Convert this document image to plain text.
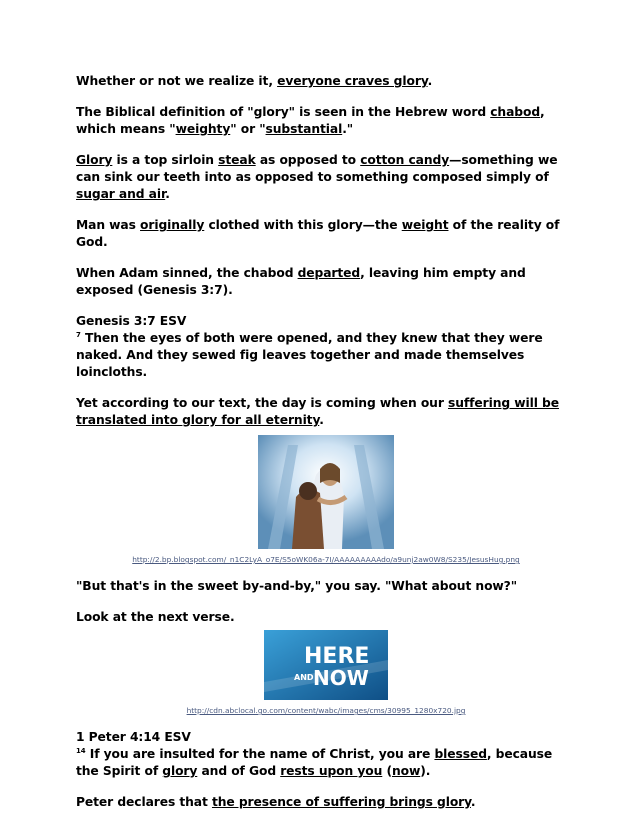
Whether or not we realize it, everyone craves glory.

The Biblical definition of "glory" is seen in the Hebrew word chabod, which means "weighty" or "substantial."

Glory is a top sirloin steak as opposed to cotton candy—something we can sink our teeth into as opposed to something composed simply of sugar and air.

Man was originally clothed with this glory—the weight of the reality of God.

When Adam sinned, the chabod departed, leaving him empty and exposed (Genesis 3:7).

Genesis 3:7 ESV

$^7$ Then the eyes of both were opened, and they knew that they were naked. And they sewed fig leaves together and made themselves loincloths.

Yet according to our text, the day is coming when our suffering will be translated into glory for all eternity.

http://2.bp.blogspot.com/_n1C2LyA_o7E/S5oWK06a-7I/AAAAAAAAAdo/a9unj2aw0W8/S235/JesusHug.png

"But that's in the sweet by-and-by," you say. "What about now?"

Look at the next verse.

HERE
AND NOW
http://cdn.abclocal.go.com/content/wabc/images/cms/30995_1280x720.jpg

1 Peter 4:14 ESV

$^{14}$ If you are insulted for the name of Christ, you are blessed, because the Spirit of glory and of God rests upon you (now).

Peter declares that the presence of suffering brings glory.
